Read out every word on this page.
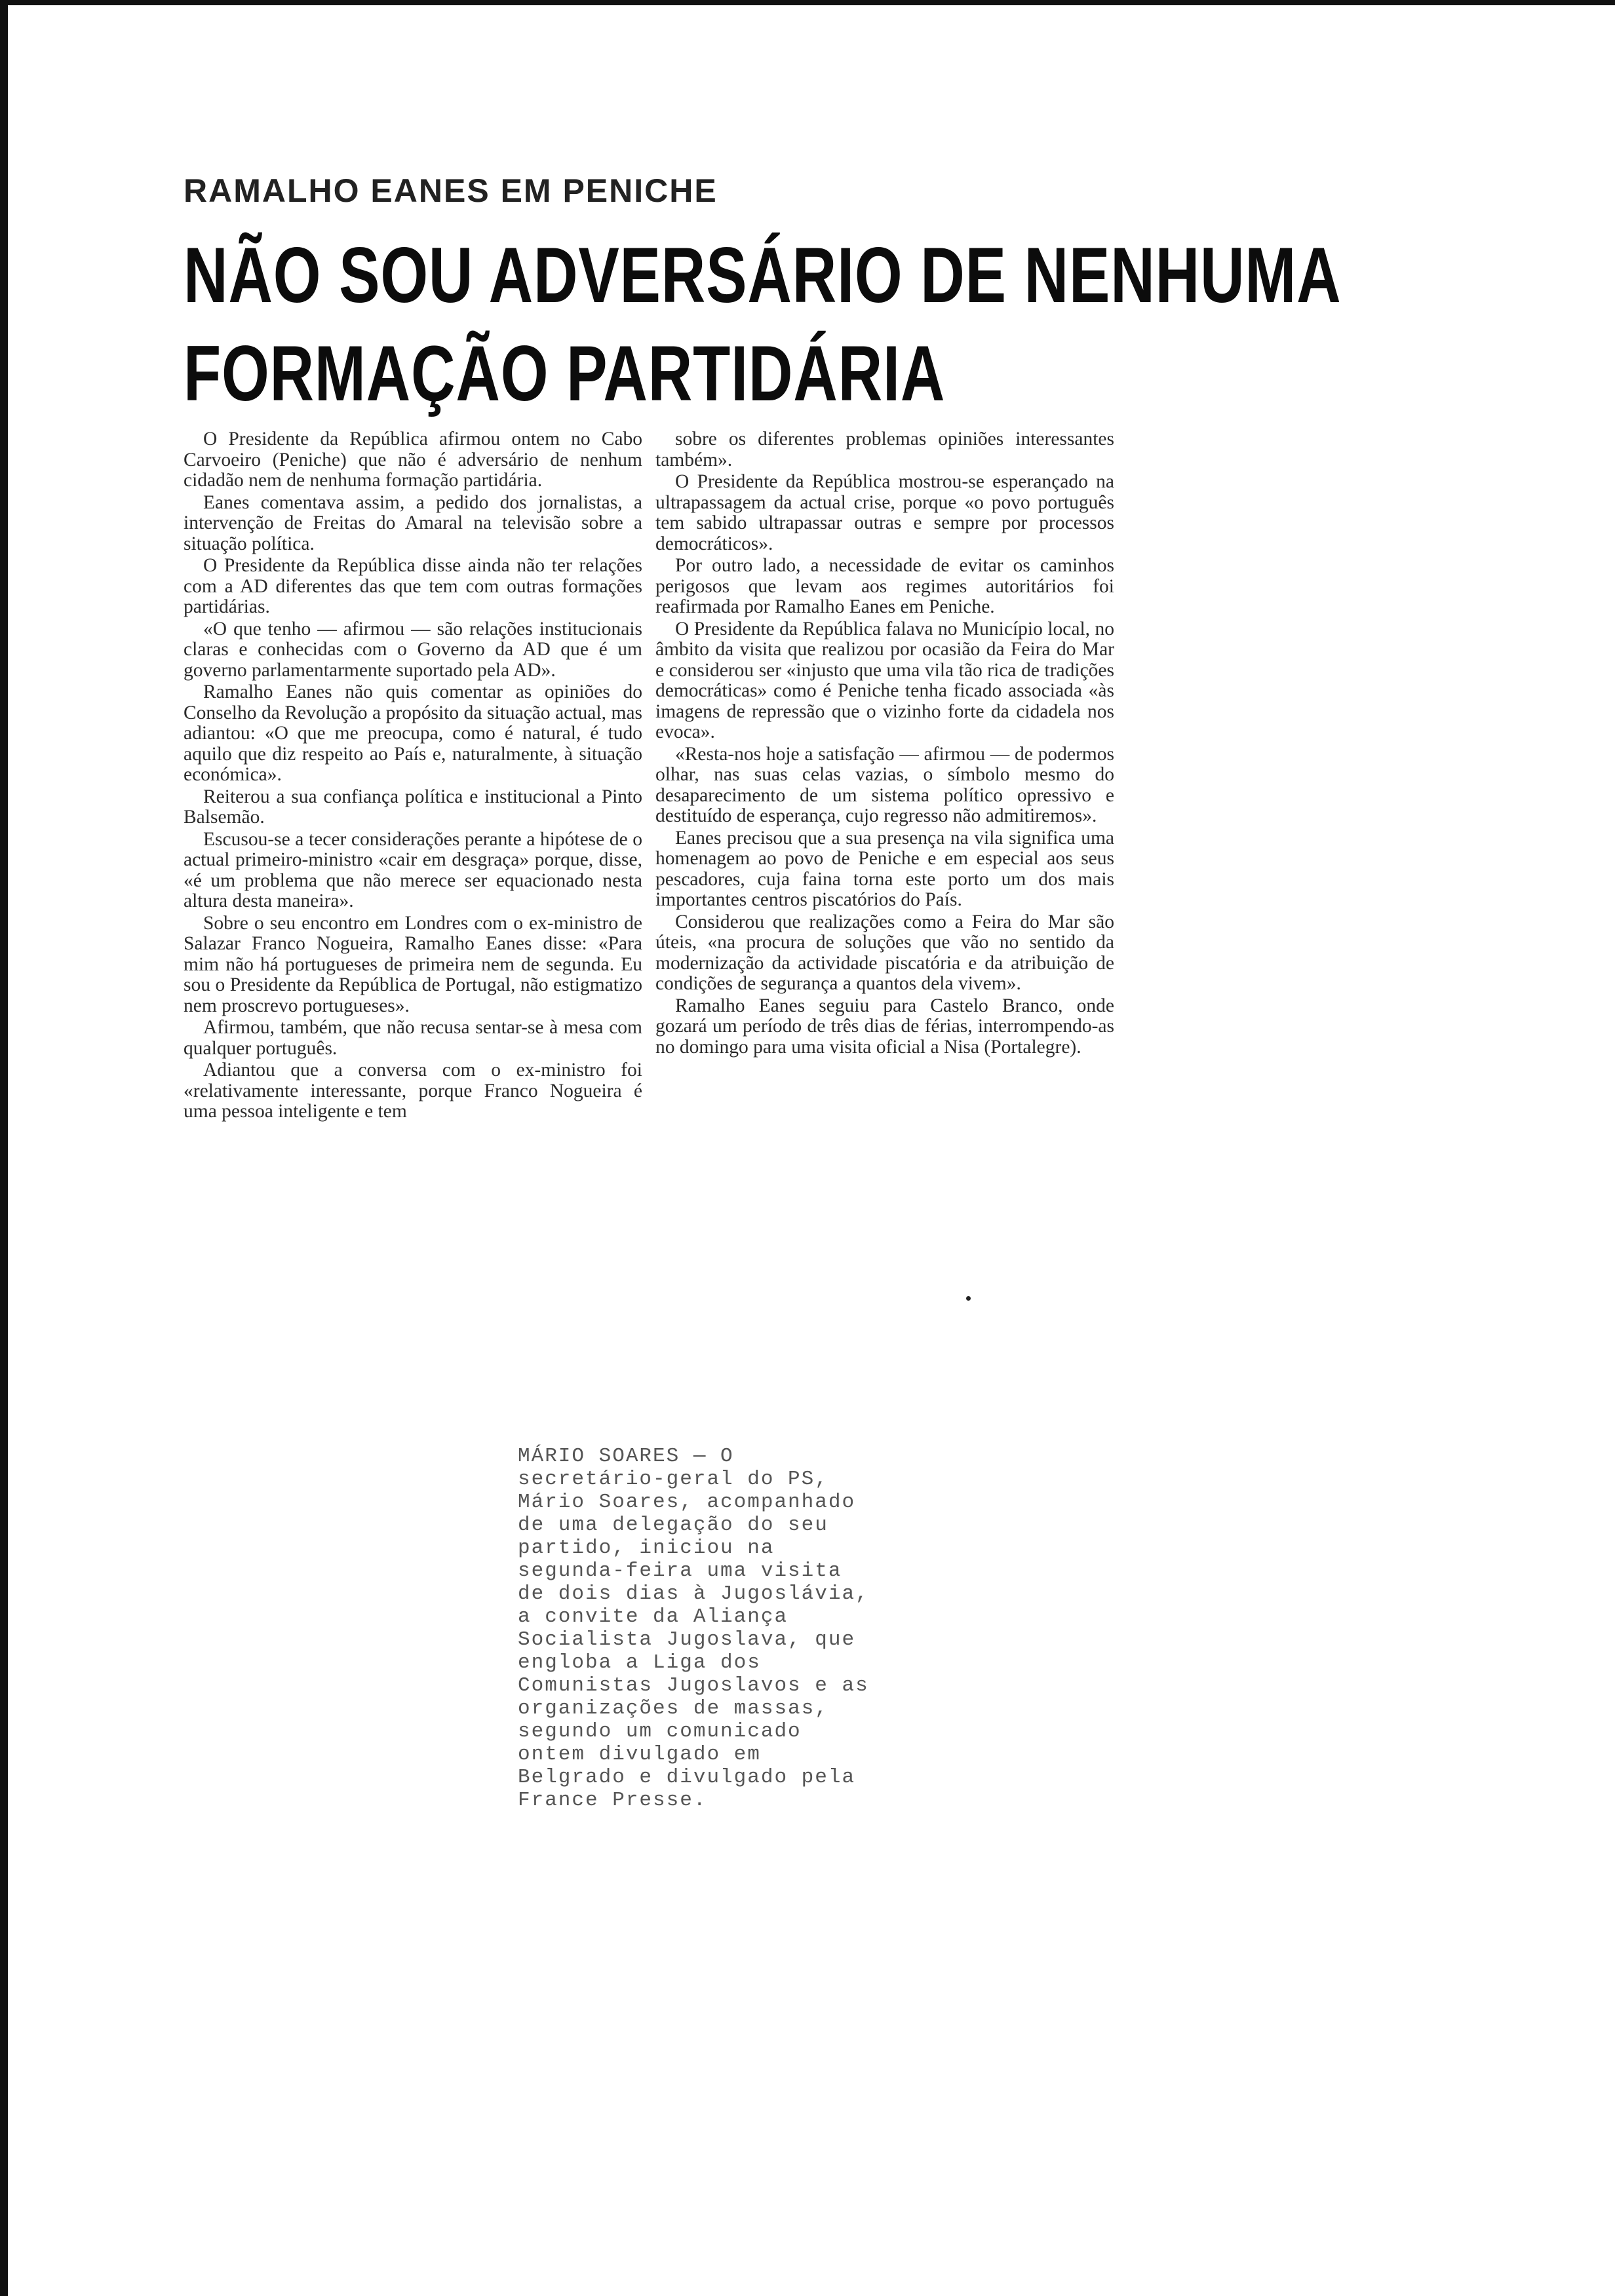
RAMALHO EANES EM PENICHE
NÃO SOU ADVERSÁRIO DE NENHUMA
FORMAÇÃO PARTIDÁRIA

O Presidente da República afirmou ontem no Cabo Carvoeiro (Peniche) que não é adversário de nenhum cidadão nem de nenhuma formação partidária.

Eanes comentava assim, a pedido dos jornalistas, a intervenção de Freitas do Amaral na televisão sobre a situação política.

O Presidente da República disse ainda não ter relações com a AD diferentes das que tem com outras formações partidárias.

«O que tenho — afirmou — são relações institucionais claras e conhecidas com o Governo da AD que é um governo parlamentarmente suportado pela AD».

Ramalho Eanes não quis comentar as opiniões do Conselho da Revolução a propósito da situação actual, mas adiantou: «O que me preocupa, como é natural, é tudo aquilo que diz respeito ao País e, naturalmente, à situação económica».

Reiterou a sua confiança política e institucional a Pinto Balsemão.

Escusou-se a tecer considerações perante a hipótese de o actual primeiro-ministro «cair em desgraça» porque, disse, «é um problema que não merece ser equacionado nesta altura desta maneira».

Sobre o seu encontro em Londres com o ex-ministro de Salazar Franco Nogueira, Ramalho Eanes disse: «Para mim não há portugueses de primeira nem de segunda. Eu sou o Presidente da República de Portugal, não estigmatizo nem proscrevo portugueses».

Afirmou, também, que não recusa sentar-se à mesa com qualquer português.

Adiantou que a conversa com o ex-ministro foi «relativamente interessante, porque Franco Nogueira é uma pessoa inteligente e tem

sobre os diferentes problemas opiniões interessantes também».

O Presidente da República mostrou-se esperançado na ultrapassagem da actual crise, porque «o povo português tem sabido ultrapassar outras e sempre por processos democráticos».

Por outro lado, a necessidade de evitar os caminhos perigosos que levam aos regimes autoritários foi reafirmada por Ramalho Eanes em Peniche.

O Presidente da República falava no Município local, no âmbito da visita que realizou por ocasião da Feira do Mar e considerou ser «injusto que uma vila tão rica de tradições democráticas» como é Peniche tenha ficado associada «às imagens de repressão que o vizinho forte da cidadela nos evoca».

«Resta-nos hoje a satisfação — afirmou — de podermos olhar, nas suas celas vazias, o símbolo mesmo do desaparecimento de um sistema político opressivo e destituído de esperança, cujo regresso não admitiremos».

Eanes precisou que a sua presença na vila significa uma homenagem ao povo de Peniche e em especial aos seus pescadores, cuja faina torna este porto um dos mais importantes centros piscatórios do País.

Considerou que realizações como a Feira do Mar são úteis, «na procura de soluções que vão no sentido da modernização da actividade piscatória e da atribuição de condições de segurança a quantos dela vivem».

Ramalho Eanes seguiu para Castelo Branco, onde gozará um período de três dias de férias, interrompendo-as no domingo para uma visita oficial a Nisa (Portalegre).

MÁRIO SOARES — O secretário-geral do PS, Mário Soares, acompanhado de uma delegação do seu partido, iniciou na segunda-feira uma visita de dois dias à Jugoslávia, a convite da Aliança Socialista Jugoslava, que engloba a Liga dos Comunistas Jugoslavos e as organizações de massas, segundo um comunicado ontem divulgado em Belgrado e divulgado pela France Presse.
